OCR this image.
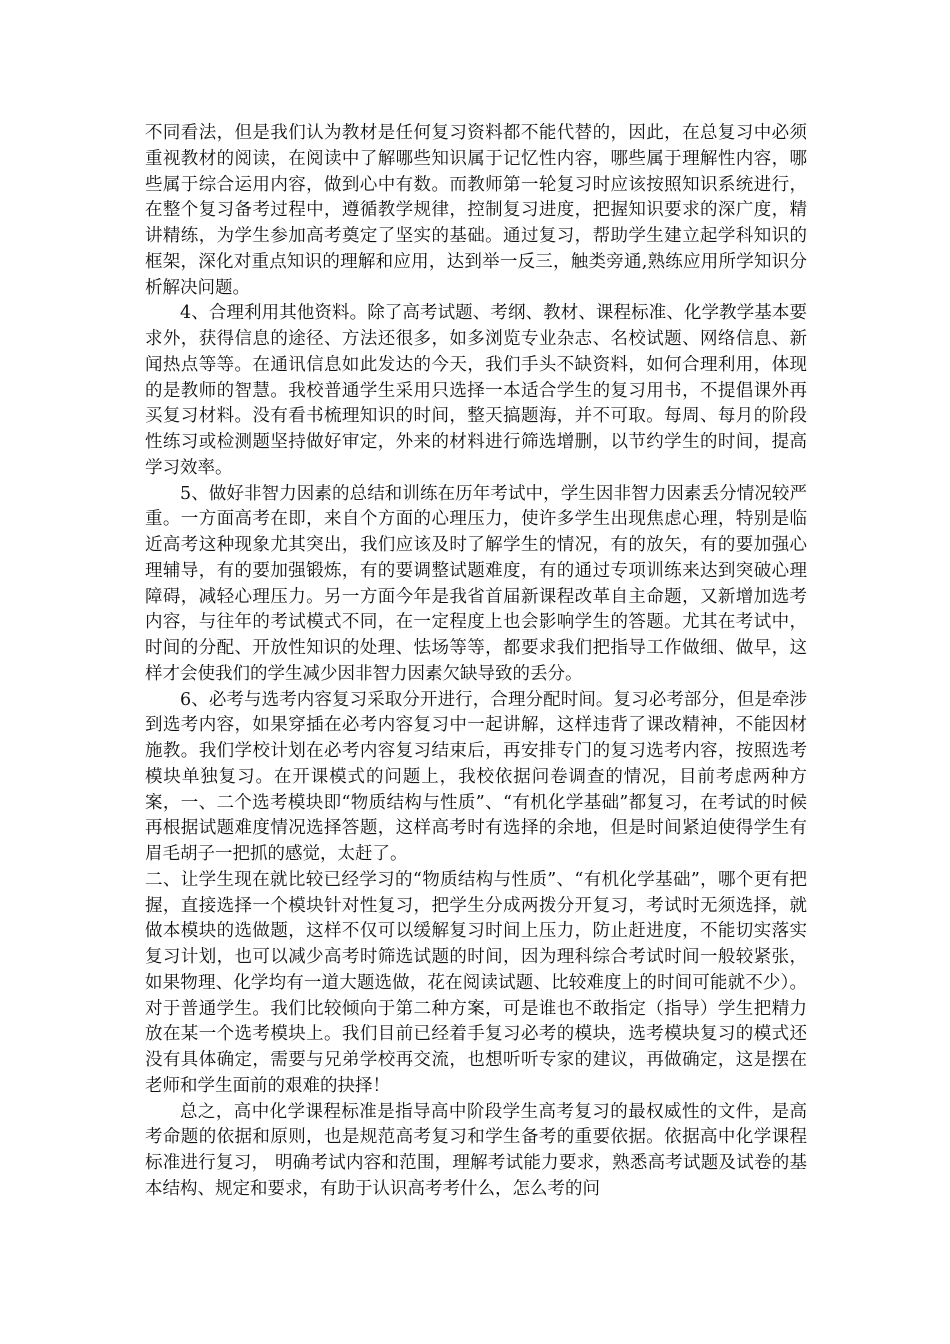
不同看法，但是我们认为教材是任何复习资料都不能代替的，因此，在总复习中必须重视教材的阅读，在阅读中了解哪些知识属于记忆性内容，哪些属于理解性内容，哪些属于综合运用内容，做到心中有数。而教师第一轮复习时应该按照知识系统进行，在整个复习备考过程中，遵循教学规律，控制复习进度，把握知识要求的深广度，精讲精练，为学生参加高考奠定了坚实的基础。通过复习，帮助学生建立起学科知识的框架，深化对重点知识的理解和应用，达到举一反三，触类旁通,熟练应用所学知识分析解决问题。

4、合理利用其他资料。除了高考试题、考纲、教材、课程标准、化学教学基本要求外，获得信息的途径、方法还很多，如多浏览专业杂志、名校试题、网络信息、新闻热点等等。在通讯信息如此发达的今天，我们手头不缺资料，如何合理利用，体现的是教师的智慧。我校普通学生采用只选择一本适合学生的复习用书，不提倡课外再买复习材料。没有看书梳理知识的时间，整天搞题海，并不可取。每周、每月的阶段性练习或检测题坚持做好审定，外来的材料进行筛选增删，以节约学生的时间，提高学习效率。

5、做好非智力因素的总结和训练在历年考试中，学生因非智力因素丢分情况较严重。一方面高考在即，来自个方面的心理压力，使许多学生出现焦虑心理，特别是临近高考这种现象尤其突出，我们应该及时了解学生的情况，有的放矢，有的要加强心理辅导，有的要加强锻炼，有的要调整试题难度，有的通过专项训练来达到突破心理障碍，减轻心理压力。另一方面今年是我省首届新课程改革自主命题，又新增加选考内容，与往年的考试模式不同，在一定程度上也会影响学生的答题。尤其在考试中，时间的分配、开放性知识的处理、怯场等等，都要求我们把指导工作做细、做早，这样才会使我们的学生减少因非智力因素欠缺导致的丢分。

6、必考与选考内容复习采取分开进行，合理分配时间。复习必考部分，但是牵涉到选考内容，如果穿插在必考内容复习中一起讲解，这样违背了课改精神，不能因材施教。我们学校计划在必考内容复习结束后，再安排专门的复习选考内容，按照选考模块单独复习。在开课模式的问题上，我校依据问卷调查的情况，目前考虑两种方案，一、二个选考模块即“物质结构与性质”、“有机化学基础”都复习，在考试的时候再根据试题难度情况选择答题，这样高考时有选择的余地，但是时间紧迫使得学生有眉毛胡子一把抓的感觉，太赶了。

二、让学生现在就比较已经学习的“物质结构与性质”、“有机化学基础”，哪个更有把握，直接选择一个模块针对性复习，把学生分成两拨分开复习，考试时无须选择，就做本模块的选做题，这样不仅可以缓解复习时间上压力，防止赶进度，不能切实落实复习计划，也可以减少高考时筛选试题的时间，因为理科综合考试时间一般较紧张，如果物理、化学均有一道大题选做，花在阅读试题、比较难度上的时间可能就不少）。对于普通学生。我们比较倾向于第二种方案，可是谁也不敢指定（指导）学生把精力放在某一个选考模块上。我们目前已经着手复习必考的模块，选考模块复习的模式还没有具体确定，需要与兄弟学校再交流，也想听听专家的建议，再做确定，这是摆在老师和学生面前的艰难的抉择！

总之，高中化学课程标准是指导高中阶段学生高考复习的最权威性的文件，是高考命题的依据和原则，也是规范高考复习和学生备考的重要依据。依据高中化学课程标准进行复习， 明确考试内容和范围，理解考试能力要求，熟悉高考试题及试卷的基本结构、规定和要求，有助于认识高考考什么，怎么考的问
